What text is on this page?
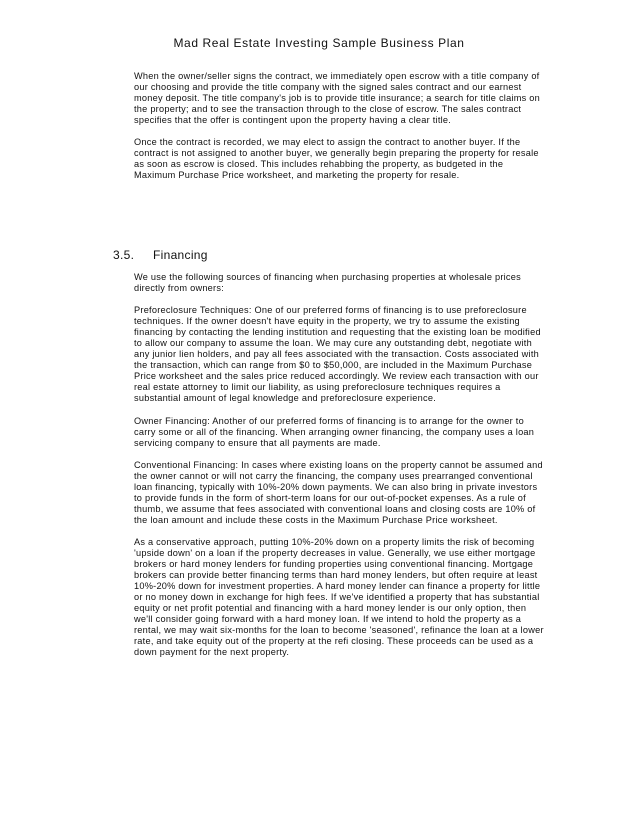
Mad Real Estate Investing Sample Business Plan

When the owner/seller signs the contract, we immediately open escrow with a title company of our choosing and provide the title company with the signed sales contract and our earnest money deposit. The title company's job is to provide title insurance; a search for title claims on the property; and to see the transaction through to the close of escrow. The sales contract specifies that the offer is contingent upon the property having a clear title.

Once the contract is recorded, we may elect to assign the contract to another buyer. If the contract is not assigned to another buyer, we generally begin preparing the property for resale as soon as escrow is closed. This includes rehabbing the property, as budgeted in the Maximum Purchase Price worksheet, and marketing the property for resale.

3.5. Financing

We use the following sources of financing when purchasing properties at wholesale prices directly from owners:

Preforeclosure Techniques: One of our preferred forms of financing is to use preforeclosure techniques. If the owner doesn't have equity in the property, we try to assume the existing financing by contacting the lending institution and requesting that the existing loan be modified to allow our company to assume the loan. We may cure any outstanding debt, negotiate with any junior lien holders, and pay all fees associated with the transaction. Costs associated with the transaction, which can range from $0 to $50,000, are included in the Maximum Purchase Price worksheet and the sales price reduced accordingly. We review each transaction with our real estate attorney to limit our liability, as using preforeclosure techniques requires a substantial amount of legal knowledge and preforeclosure experience.

Owner Financing: Another of our preferred forms of financing is to arrange for the owner to carry some or all of the financing. When arranging owner financing, the company uses a loan servicing company to ensure that all payments are made.

Conventional Financing: In cases where existing loans on the property cannot be assumed and the owner cannot or will not carry the financing, the company uses prearranged conventional loan financing, typically with 10%-20% down payments. We can also bring in private investors to provide funds in the form of short-term loans for our out-of-pocket expenses. As a rule of thumb, we assume that fees associated with conventional loans and closing costs are 10% of the loan amount and include these costs in the Maximum Purchase Price worksheet.

As a conservative approach, putting 10%-20% down on a property limits the risk of becoming 'upside down' on a loan if the property decreases in value. Generally, we use either mortgage brokers or hard money lenders for funding properties using conventional financing. Mortgage brokers can provide better financing terms than hard money lenders, but often require at least 10%-20% down for investment properties. A hard money lender can finance a property for little or no money down in exchange for high fees. If we've identified a property that has substantial equity or net profit potential and financing with a hard money lender is our only option, then we'll consider going forward with a hard money loan. If we intend to hold the property as a rental, we may wait six-months for the loan to become 'seasoned', refinance the loan at a lower rate, and take equity out of the property at the refi closing. These proceeds can be used as a down payment for the next property.
